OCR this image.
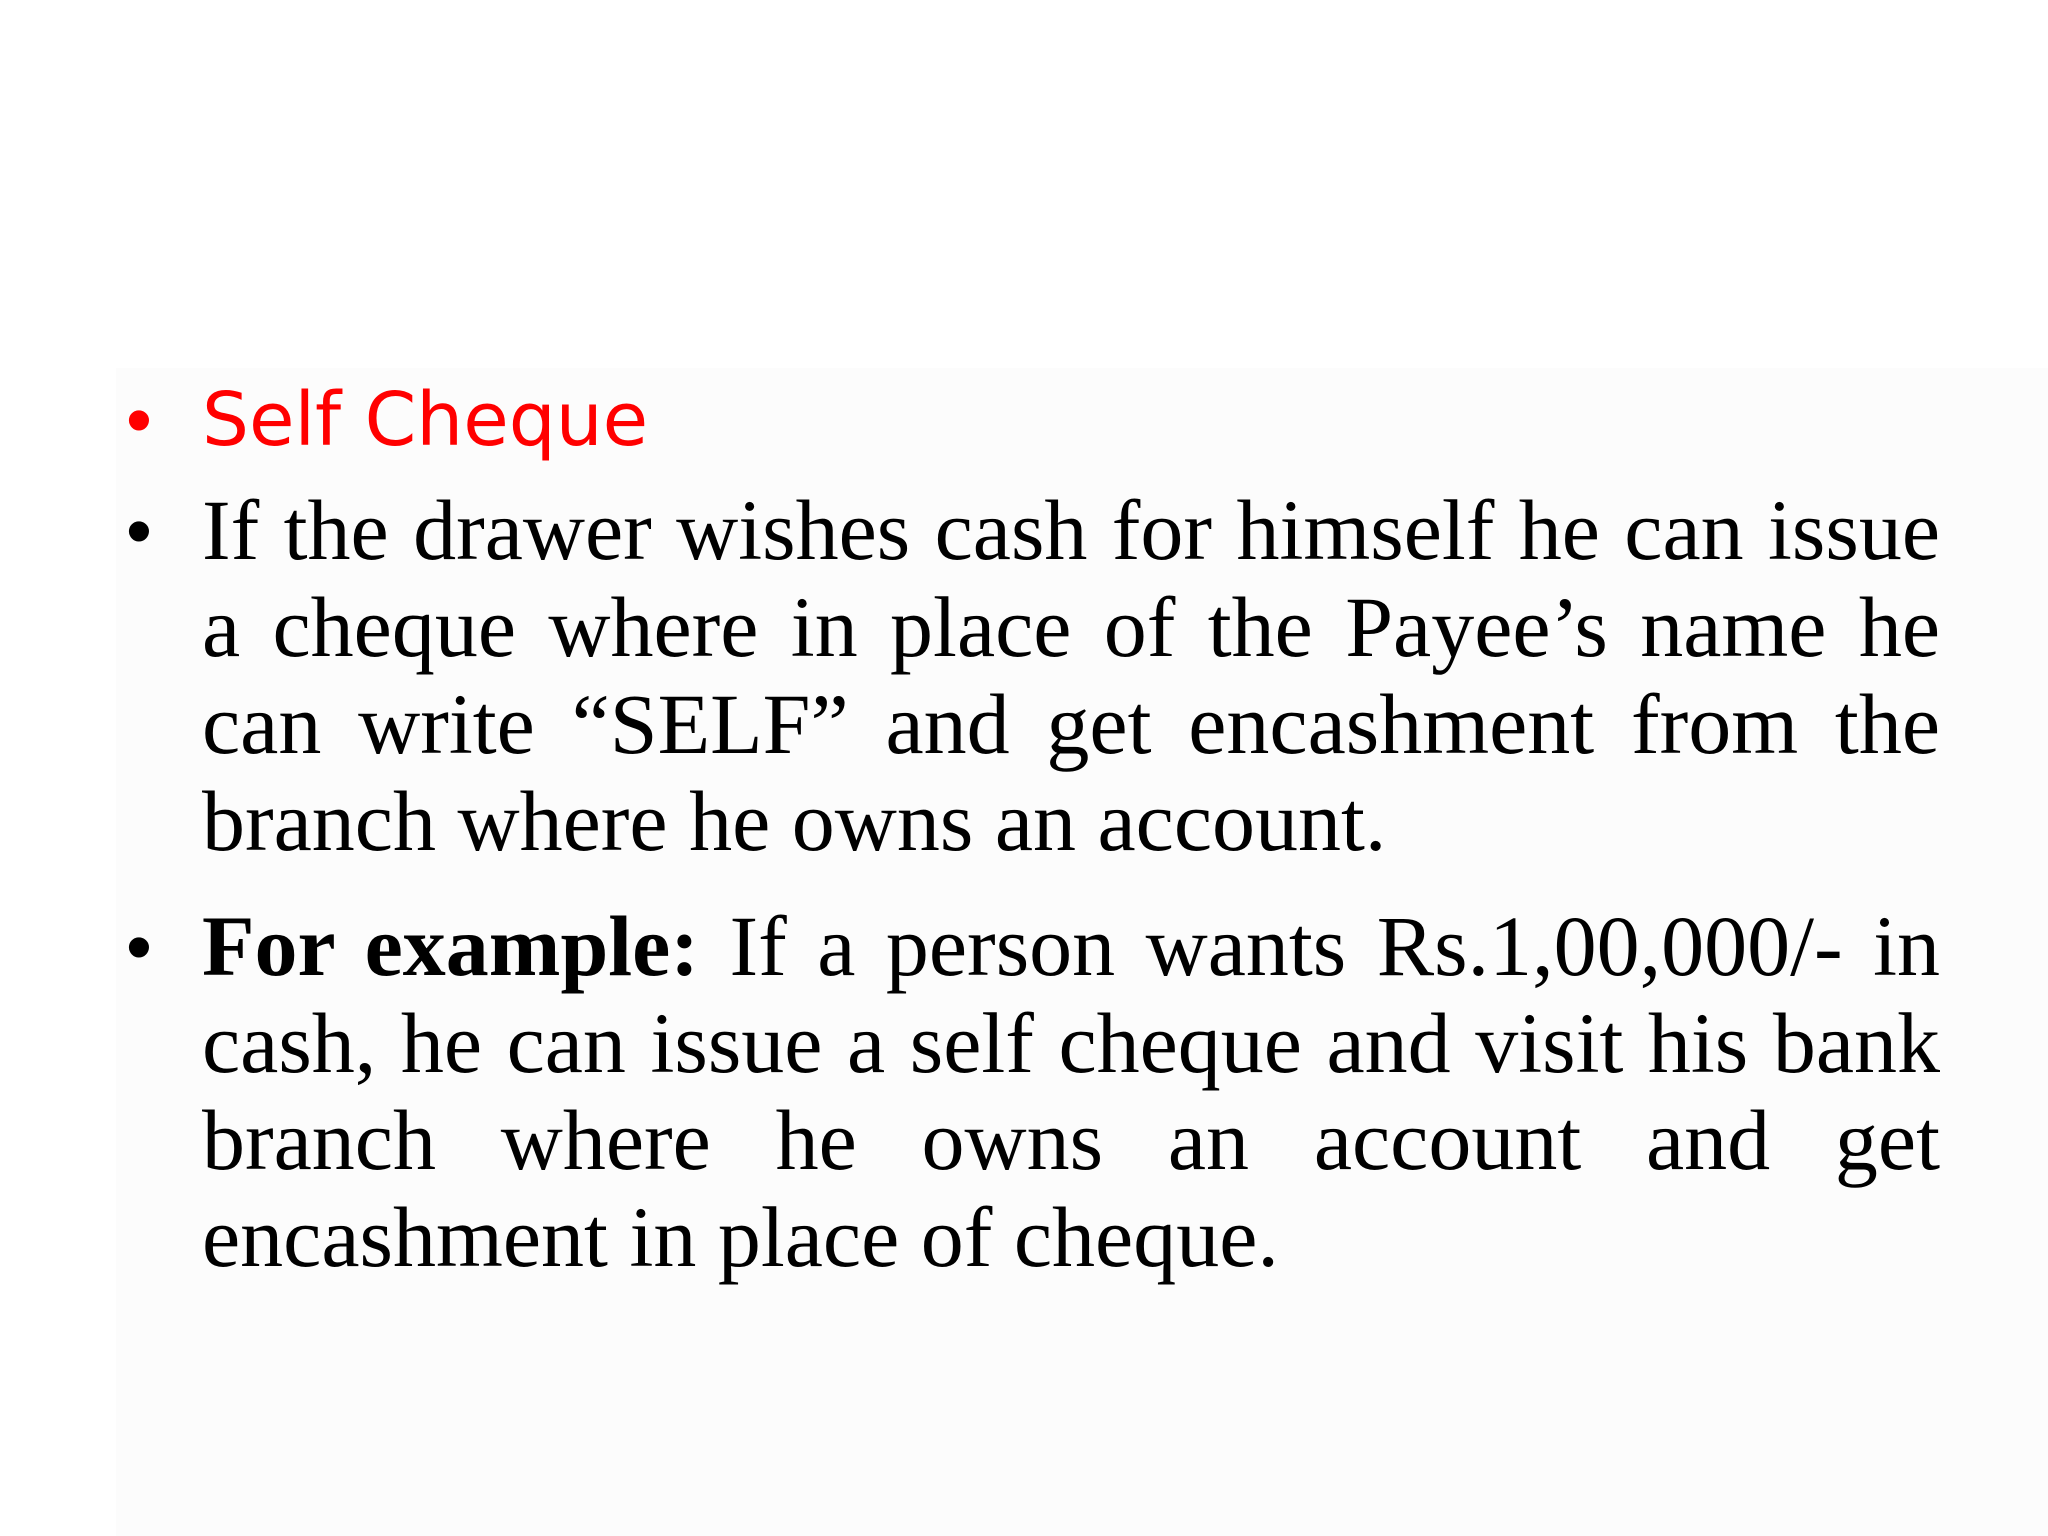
• Self Cheque
• If the drawer wishes cash for himself he can issue a cheque where in place of the Payee’s name he can write “SELF” and get encashment from the branch where he owns an account.
• For example: If a person wants Rs.1,00,000/- in cash, he can issue a self cheque and visit his bank branch where he owns an account and get encashment in place of cheque.
